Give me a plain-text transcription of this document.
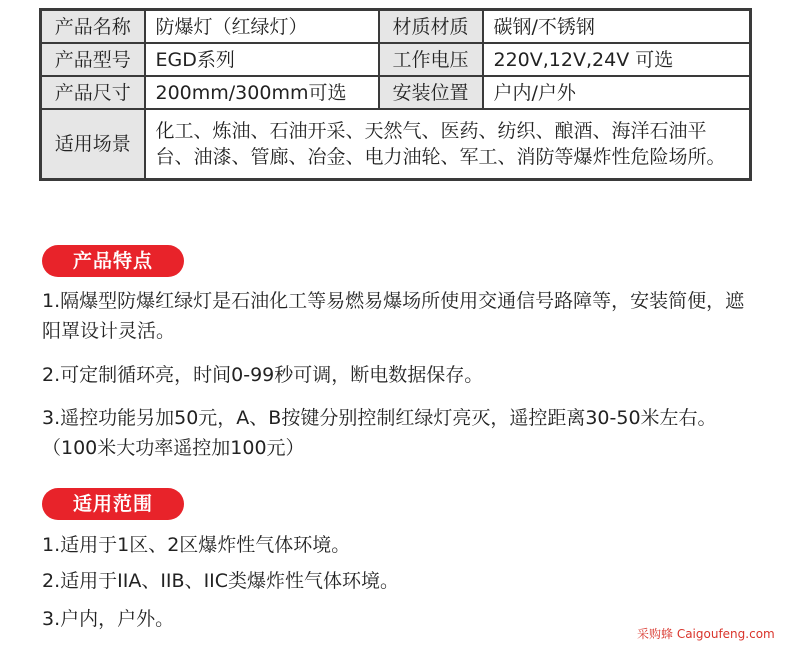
产品名称	防爆灯（红绿灯）	材质材质	碳钢/不锈钢
产品型号	EGD系列	工作电压	220V,12V,24V 可选
产品尺寸	200mm/300mm可选	安装位置	户内/户外
适用场景	化工、炼油、石油开采、天然气、医药、纺织、酿酒、海洋石油平台、油漆、管廊、冶金、电力油轮、军工、消防等爆炸性危险场所。		
产品特点

1.隔爆型防爆红绿灯是石油化工等易燃易爆场所使用交通信号路障等，安装简便，遮阳罩设计灵活。

2.可定制循环亮，时间0-99秒可调，断电数据保存。

3.遥控功能另加50元，A、B按键分别控制红绿灯亮灭，遥控距离30-50米左右。（100米大功率遥控加100元）

适用范围

1.适用于1区、2区爆炸性气体环境。

2.适用于IIA、IIB、IIC类爆炸性气体环境。

3.户内，户外。

采购蜂 Caigoufeng.com
